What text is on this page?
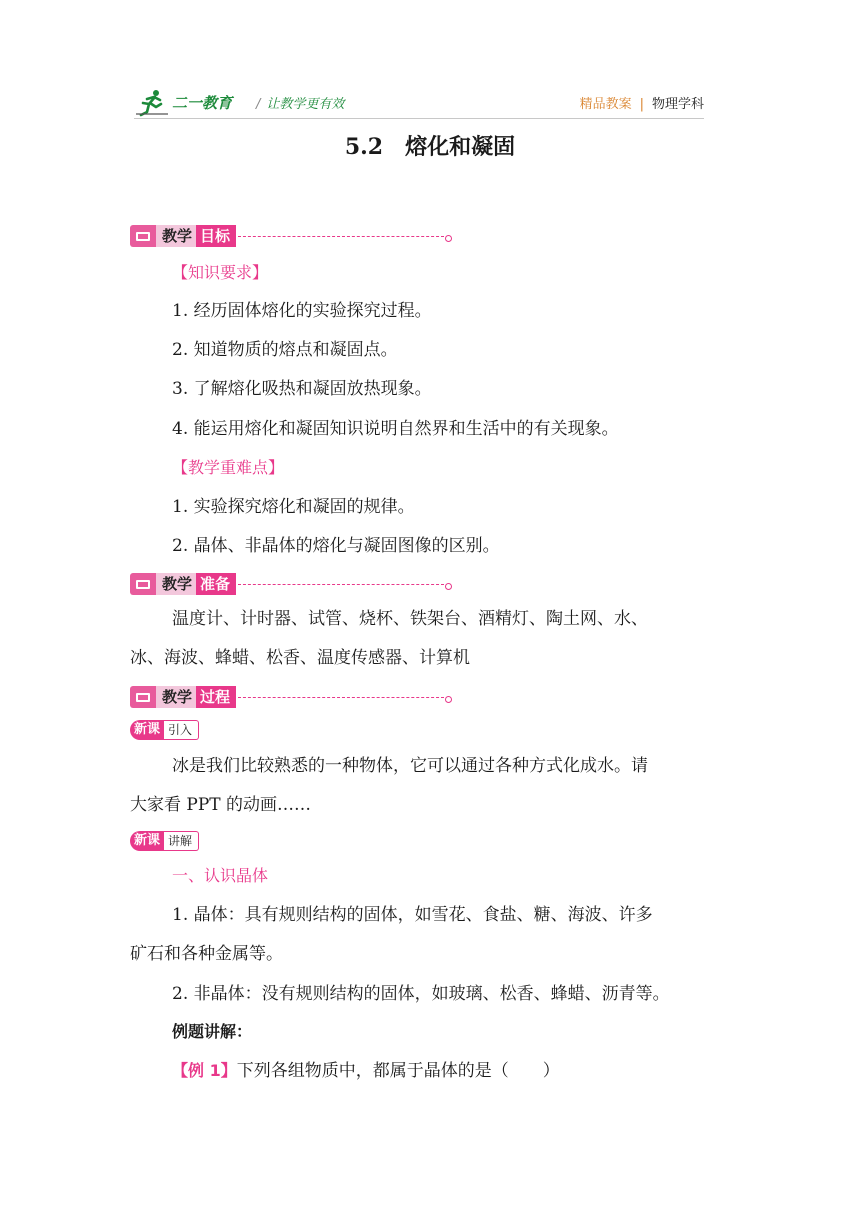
二一教育 / 让教学更有效	精品教案 | 物理学科
5.2 熔化和凝固
教学 目标
【知识要求】
1. 经历固体熔化的实验探究过程。
2. 知道物质的熔点和凝固点。
3. 了解熔化吸热和凝固放热现象。
4. 能运用熔化和凝固知识说明自然界和生活中的有关现象。
【教学重难点】
1. 实验探究熔化和凝固的规律。
2. 晶体、非晶体的熔化与凝固图像的区别。
教学 准备
温度计、计时器、试管、烧杯、铁架台、酒精灯、陶土网、水、
冰、海波、蜂蜡、松香、温度传感器、计算机
教学 过程
新课 引入
冰是我们比较熟悉的一种物体，它可以通过各种方式化成水。请
大家看 PPT 的动画……
新课 讲解
一、认识晶体
1. 晶体：具有规则结构的固体，如雪花、食盐、糖、海波、许多
矿石和各种金属等。
2. 非晶体：没有规则结构的固体，如玻璃、松香、蜂蜡、沥青等。
例题讲解：
【例 1】下列各组物质中，都属于晶体的是（　　）
